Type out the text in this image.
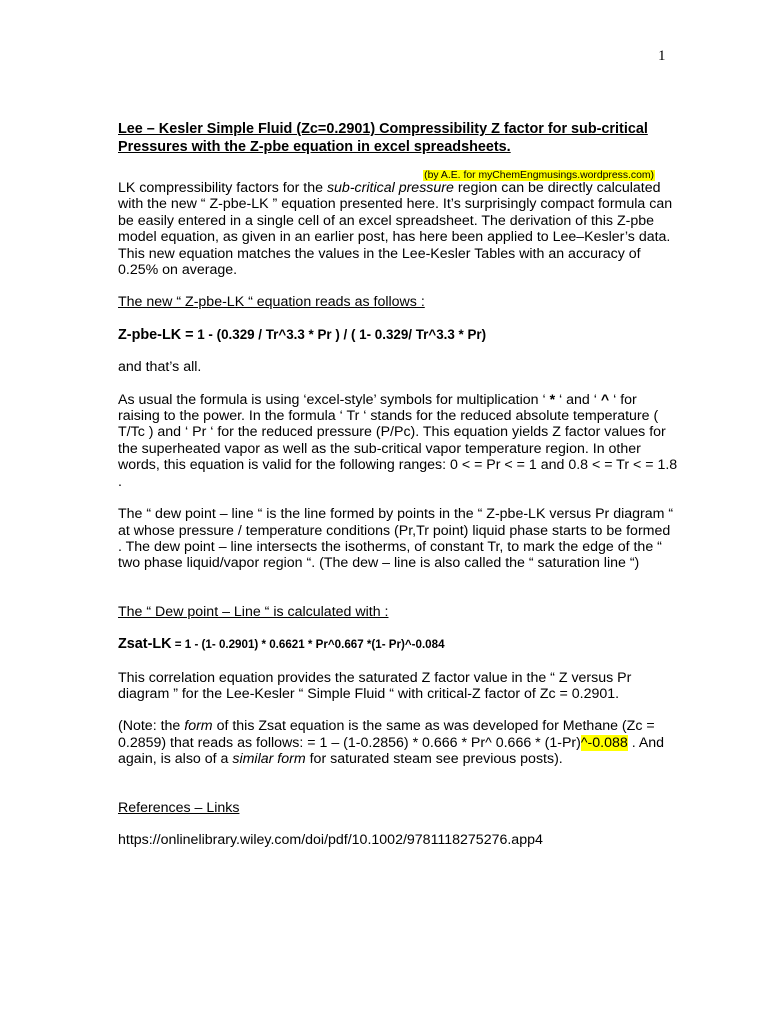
1

Lee – Kesler Simple Fluid (Zc=0.2901) Compressibility Z factor for sub-critical Pressures with the Z-pbe equation in excel spreadsheets.

(by A.E. for myChemEngmusings.wordpress.com)

LK compressibility factors for the sub-critical pressure region can be directly calculated with the new “ Z-pbe-LK ” equation presented here. It’s surprisingly compact formula can be easily entered in a single cell of an excel spreadsheet. The derivation of this Z-pbe model equation, as given in an earlier post, has here been applied to Lee–Kesler’s data. This new equation matches the values in the Lee-Kesler Tables with an accuracy of 0.25% on average.

The new “ Z-pbe-LK “ equation reads as follows :

Z-pbe-LK = 1 - (0.329 / Tr^3.3 * Pr ) / ( 1- 0.329/ Tr^3.3 * Pr)

and that’s all.

As usual the formula is using ‘excel-style’ symbols for multiplication ‘ * ‘ and ‘ ^ ‘ for raising to the power. In the formula ‘ Tr ‘ stands for the reduced absolute temperature ( T/Tc ) and ‘ Pr ‘ for the reduced pressure (P/Pc). This equation yields Z factor values for the superheated vapor as well as the sub-critical vapor temperature region. In other words, this equation is valid for the following ranges: 0 < = Pr < = 1 and 0.8 < = Tr < = 1.8 .

The “ dew point – line “ is the line formed by points in the “ Z-pbe-LK versus Pr diagram “ at whose pressure / temperature conditions (Pr,Tr point) liquid phase starts to be formed . The dew point – line intersects the isotherms, of constant Tr, to mark the edge of the “ two phase liquid/vapor region “. (The dew – line is also called the “ saturation line “)

The “ Dew point – Line “ is calculated with :

Zsat-LK = 1 - (1- 0.2901) * 0.6621 * Pr^0.667 *(1- Pr)^-0.084

This correlation equation provides the saturated Z factor value in the “ Z versus Pr diagram ” for the Lee-Kesler “ Simple Fluid “ with critical-Z factor of Zc = 0.2901.

(Note: the form of this Zsat equation is the same as was developed for Methane (Zc = 0.2859) that reads as follows: = 1 – (1-0.2856) * 0.666 * Pr^ 0.666 * (1-Pr)^-0.088 . And again, is also of a similar form for saturated steam see previous posts).

References – Links

https://onlinelibrary.wiley.com/doi/pdf/10.1002/9781118275276.app4
